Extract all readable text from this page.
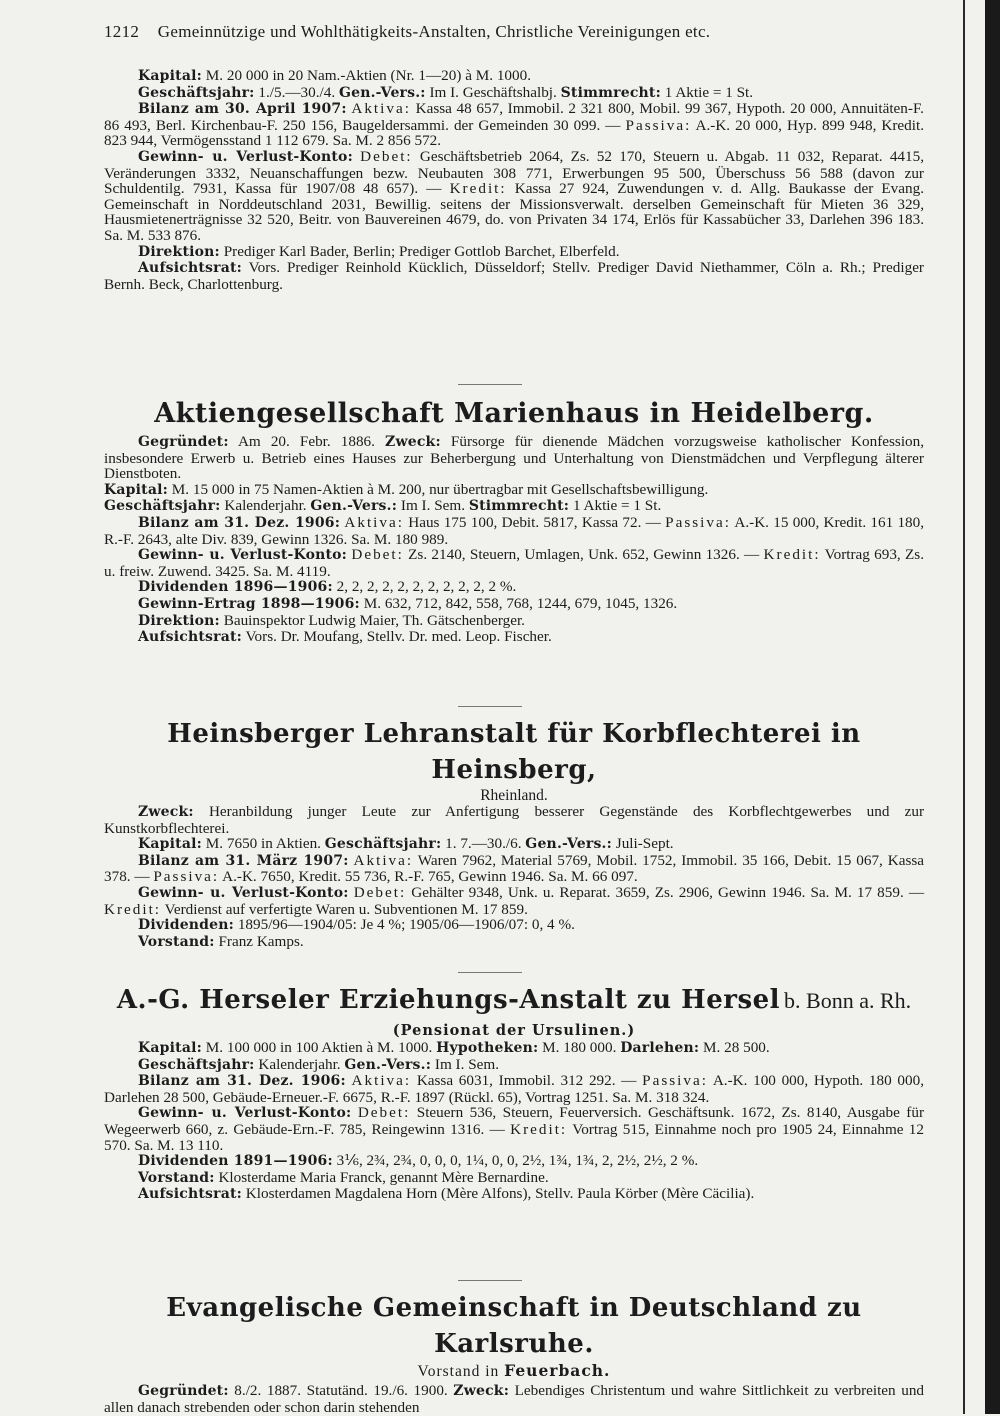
1212 Gemeinnützige und Wohlthätigkeits-Anstalten, Christliche Vereinigungen etc.

Kapital: M. 20 000 in 20 Nam.-Aktien (Nr. 1—20) à M. 1000.

Geschäftsjahr: 1./5.—30./4. Gen.-Vers.: Im I. Geschäftshalbj. Stimmrecht: 1 Aktie = 1 St.

Bilanz am 30. April 1907: Aktiva: Kassa 48 657, Immobil. 2 321 800, Mobil. 99 367, Hypoth. 20 000, Annuitäten-F. 86 493, Berl. Kirchenbau-F. 250 156, Baugeldersammi. der Gemeinden 30 099. — Passiva: A.-K. 20 000, Hyp. 899 948, Kredit. 823 944, Vermögensstand 1 112 679. Sa. M. 2 856 572.

Gewinn- u. Verlust-Konto: Debet: Geschäftsbetrieb 2064, Zs. 52 170, Steuern u. Abgab. 11 032, Reparat. 4415, Veränderungen 3332, Neuanschaffungen bezw. Neubauten 308 771, Erwerbungen 95 500, Überschuss 56 588 (davon zur Schuldentilg. 7931, Kassa für 1907/08 48 657). — Kredit: Kassa 27 924, Zuwendungen v. d. Allg. Baukasse der Evang. Gemeinschaft in Norddeutschland 2031, Bewillig. seitens der Missionsverwalt. derselben Gemeinschaft für Mieten 36 329, Hausmietenerträgnisse 32 520, Beitr. von Bauvereinen 4679, do. von Privaten 34 174, Erlös für Kassabücher 33, Darlehen 396 183. Sa. M. 533 876.

Direktion: Prediger Karl Bader, Berlin; Prediger Gottlob Barchet, Elberfeld.

Aufsichtsrat: Vors. Prediger Reinhold Kücklich, Düsseldorf; Stellv. Prediger David Niethammer, Cöln a. Rh.; Prediger Bernh. Beck, Charlottenburg.

Aktiengesellschaft Marienhaus in Heidelberg.

Gegründet: Am 20. Febr. 1886. Zweck: Fürsorge für dienende Mädchen vorzugsweise katholischer Konfession, insbesondere Erwerb u. Betrieb eines Hauses zur Beherbergung und Unterhaltung von Dienstmädchen und Verpflegung älterer Dienstboten.

Kapital: M. 15 000 in 75 Namen-Aktien à M. 200, nur übertragbar mit Gesellschaftsbewilligung.

Geschäftsjahr: Kalenderjahr. Gen.-Vers.: Im I. Sem. Stimmrecht: 1 Aktie = 1 St.

Bilanz am 31. Dez. 1906: Aktiva: Haus 175 100, Debit. 5817, Kassa 72. — Passiva: A.-K. 15 000, Kredit. 161 180, R.-F. 2643, alte Div. 839, Gewinn 1326. Sa. M. 180 989.

Gewinn- u. Verlust-Konto: Debet: Zs. 2140, Steuern, Umlagen, Unk. 652, Gewinn 1326. — Kredit: Vortrag 693, Zs. u. freiw. Zuwend. 3425. Sa. M. 4119.

Dividenden 1896—1906: 2, 2, 2, 2, 2, 2, 2, 2, 2, 2, 2 %.

Gewinn-Ertrag 1898—1906: M. 632, 712, 842, 558, 768, 1244, 679, 1045, 1326.

Direktion: Bauinspektor Ludwig Maier, Th. Gätschenberger.

Aufsichtsrat: Vors. Dr. Moufang, Stellv. Dr. med. Leop. Fischer.

Heinsberger Lehranstalt für Korbflechterei in Heinsberg,
Rheinland.

Zweck: Heranbildung junger Leute zur Anfertigung besserer Gegenstände des Korbflechtgewerbes und zur Kunstkorbflechterei.

Kapital: M. 7650 in Aktien. Geschäftsjahr: 1. 7.—30./6. Gen.-Vers.: Juli-Sept.

Bilanz am 31. März 1907: Aktiva: Waren 7962, Material 5769, Mobil. 1752, Immobil. 35 166, Debit. 15 067, Kassa 378. — Passiva: A.-K. 7650, Kredit. 55 736, R.-F. 765, Gewinn 1946. Sa. M. 66 097.

Gewinn- u. Verlust-Konto: Debet: Gehälter 9348, Unk. u. Reparat. 3659, Zs. 2906, Gewinn 1946. Sa. M. 17 859. — Kredit: Verdienst auf verfertigte Waren u. Subventionen M. 17 859.

Dividenden: 1895/96—1904/05: Je 4 %; 1905/06—1906/07: 0, 4 %.

Vorstand: Franz Kamps.

A.-G. Herseler Erziehungs-Anstalt zu Hersel b. Bonn a. Rh.
(Pensionat der Ursulinen.)

Kapital: M. 100 000 in 100 Aktien à M. 1000. Hypotheken: M. 180 000. Darlehen: M. 28 500.

Geschäftsjahr: Kalenderjahr. Gen.-Vers.: Im I. Sem.

Bilanz am 31. Dez. 1906: Aktiva: Kassa 6031, Immobil. 312 292. — Passiva: A.-K. 100 000, Hypoth. 180 000, Darlehen 28 500, Gebäude-Erneuer.-F. 6675, R.-F. 1897 (Rückl. 65), Vortrag 1251. Sa. M. 318 324.

Gewinn- u. Verlust-Konto: Debet: Steuern 536, Steuern, Feuerversich. Geschäftsunk. 1672, Zs. 8140, Ausgabe für Wegeerwerb 660, z. Gebäude-Ern.-F. 785, Reingewinn 1316. — Kredit: Vortrag 515, Einnahme noch pro 1905 24, Einnahme 12 570. Sa. M. 13 110.

Dividenden 1891—1906: 3⅙, 2¾, 2¾, 0, 0, 0, 1¼, 0, 0, 2½, 1¾, 1¾, 2, 2½, 2½, 2 %.

Vorstand: Klosterdame Maria Franck, genannt Mère Bernardine.

Aufsichtsrat: Klosterdamen Magdalena Horn (Mère Alfons), Stellv. Paula Körber (Mère Cäcilia).

Evangelische Gemeinschaft in Deutschland zu Karlsruhe.
Vorstand in Feuerbach.

Gegründet: 8./2. 1887. Statutänd. 19./6. 1900. Zweck: Lebendiges Christentum und wahre Sittlichkeit zu verbreiten und allen danach strebenden oder schon darin stehenden
